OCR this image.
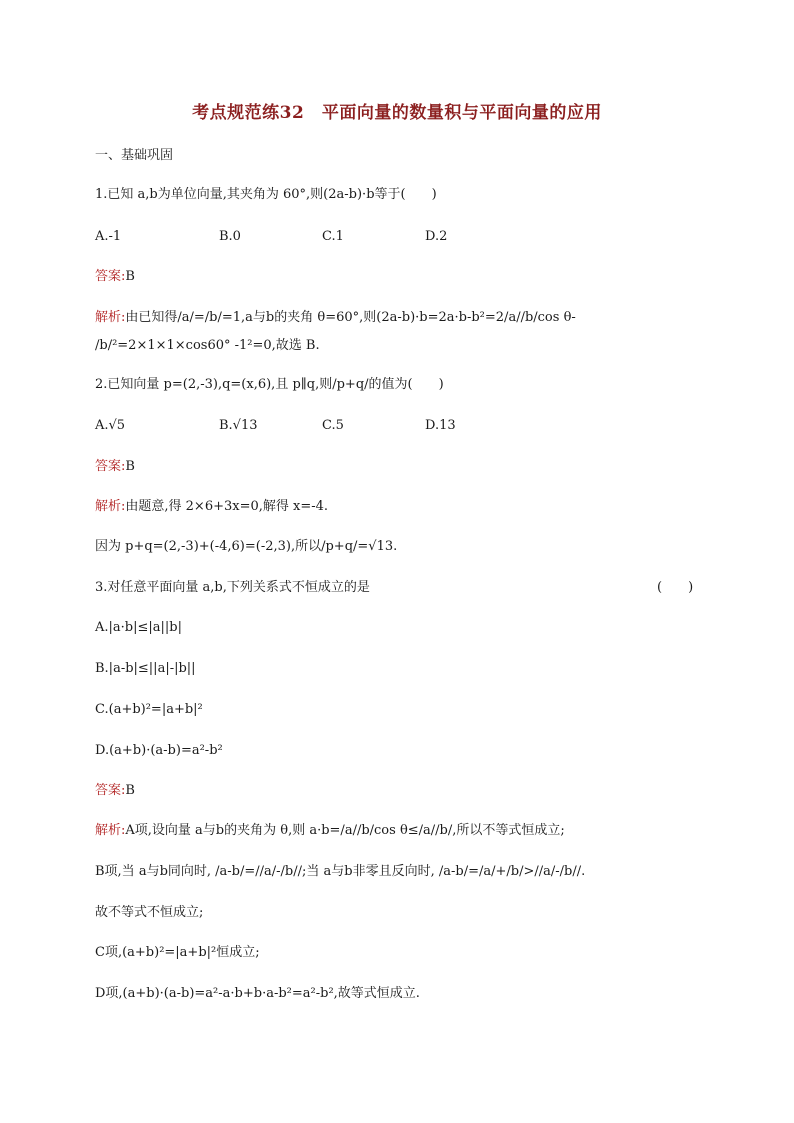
考点规范练32　平面向量的数量积与平面向量的应用
一、基础巩固
1.已知 a,b为单位向量,其夹角为 60°,则(2a-b)·b等于(　　)
A.-1	B.0	C.1	D.2
答案:B
解析:由已知得/a/=/b/=1,a与b的夹角 θ=60°,则(2a-b)·b=2a·b-b²=2/a//b/cos θ-
/b/²=2×1×1×cos60° -1²=0,故选 B.
2.已知向量 p=(2,-3),q=(x,6),且 p∥q,则/p+q/的值为(　　)
A.√5	B.√13	C.5	D.13
答案:B
解析:由题意,得 2×6+3x=0,解得 x=-4.
因为 p+q=(2,-3)+(-4,6)=(-2,3),所以/p+q/=√13.
3.对任意平面向量 a,b,下列关系式不恒成立的是	(　　)
A.|a·b|≤|a||b|
B.|a-b|≤||a|-|b||
C.(a+b)²=|a+b|²
D.(a+b)·(a-b)=a²-b²
答案:B
解析:A项,设向量 a与b的夹角为 θ,则 a·b=/a//b/cos θ≤/a//b/,所以不等式恒成立;
B项,当 a与b同向时, /a-b/=//a/-/b//;当 a与b非零且反向时, /a-b/=/a/+/b/>//a/-/b//.
故不等式不恒成立;
C项,(a+b)²=|a+b|²恒成立;
D项,(a+b)·(a-b)=a²-a·b+b·a-b²=a²-b²,故等式恒成立.
